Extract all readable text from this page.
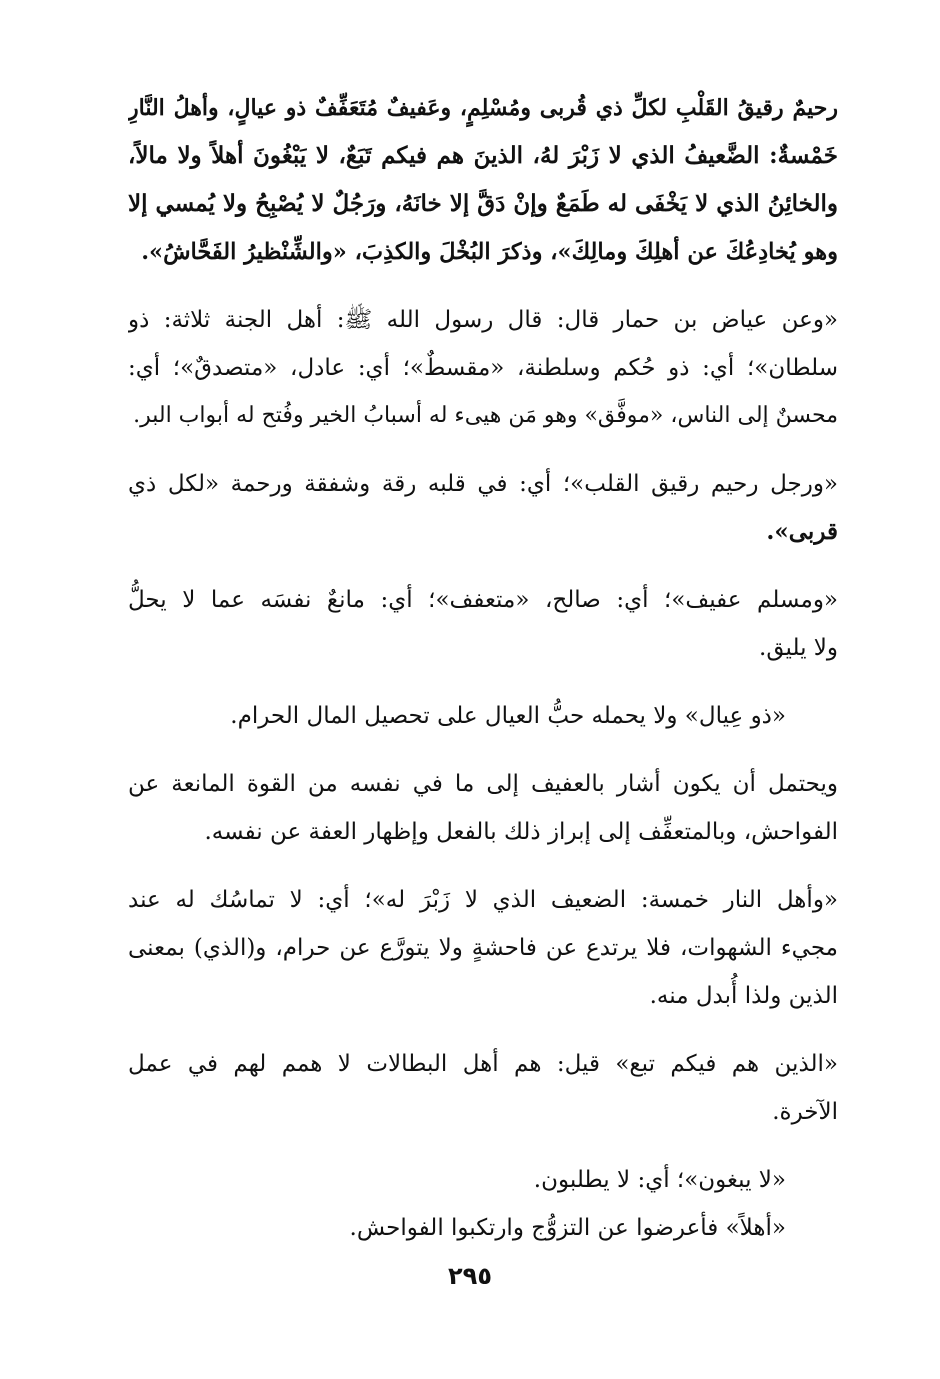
رحيمٌ رقيقُ القَلْبِ لكلِّ ذي قُربى ومُسْلِمٍ، وعَفيفٌ مُتَعَفِّفٌ ذو عيالٍ، وأهلُ النَّارِ
خَمْسةٌ: الضَّعيفُ الذي لا زَبْرَ لهُ، الذينَ هم فيكم تَبَعٌ، لا يَبْغُونَ أهلاً ولا مالاً،
والخائِنُ الذي لا يَخْفَى له طَمَعٌ وإنْ دَقَّ إلا خانَهُ، ورَجُلٌ لا يُصْبِحُ ولا يُمسي إلا
وهو يُخادِعُكَ عن أهلِكَ ومالِكَ»، وذكرَ البُخْلَ والكذِبَ، «والشِّنْظيرُ الفَحَّاشُ».
«وعن عياض بن حمار قال: قال رسول الله ﷺ: أهل الجنة ثلاثة: ذو
سلطان»؛ أي: ذو حُكم وسلطنة، «مقسطٌ»؛ أي: عادل، «متصدقٌ»؛ أي:
محسنٌ إلى الناس، «موفَّق» وهو مَن هيىء له أسبابُ الخير وفُتح له أبواب البر.
«ورجل رحيم رقيق القلب»؛ أي: في قلبه رقة وشفقة ورحمة «لكل ذي
قربى».
«ومسلم عفيف»؛ أي: صالح، «متعفف»؛ أي: مانعٌ نفسَه عما لا يحلُّ
ولا يليق.
«ذو عِيال» ولا يحمله حبُّ العيال على تحصيل المال الحرام.
ويحتمل أن يكون أشار بالعفيف إلى ما في نفسه من القوة المانعة عن
الفواحش، وبالمتعفِّف إلى إبراز ذلك بالفعل وإظهار العفة عن نفسه.
«وأهل النار خمسة: الضعيف الذي لا زَبْرَ له»؛ أي: لا تماسُك له عند
مجيء الشهوات، فلا يرتدع عن فاحشةٍ ولا يتورَّع عن حرام، و(الذي) بمعنى
الذين ولذا أُبدل منه.
«الذين هم فيكم تبع» قيل: هم أهل البطالات لا همم لهم في عمل
الآخرة.
«لا يبغون»؛ أي: لا يطلبون.
«أهلاً» فأعرضوا عن التزوُّج وارتكبوا الفواحش.
٢٩٥
